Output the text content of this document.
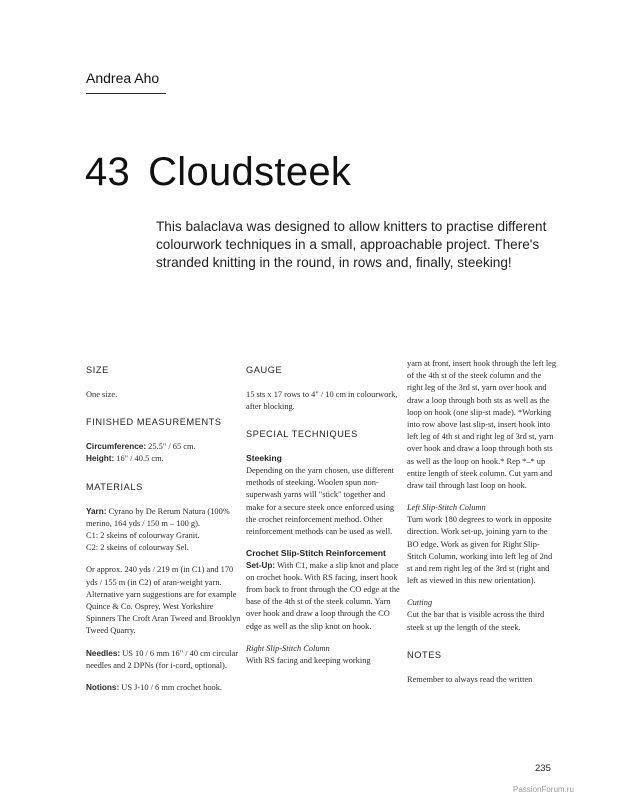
Andrea Aho
43 Cloudsteek

This balaclava was designed to allow knitters to practise different colourwork techniques in a small, approachable project. There's stranded knitting in the round, in rows and, finally, steeking!

SIZE

One size.

FINISHED MEASUREMENTS

Circumference: 25.5" / 65 cm.

Height: 16" / 40.5 cm.

MATERIALS

Yarn: Cyrano by De Rerum Natura (100% merino, 164 yds / 150 m – 100 g).

C1: 2 skeins of colourway Granit.

C2: 2 skeins of colourway Sel.

Or approx. 240 yds / 219 m (in C1) and 170 yds / 155 m (in C2) of aran-weight yarn. Alternative yarn suggestions are for example Quince & Co. Osprey, West Yorkshire Spinners The Croft Aran Tweed and Brooklyn Tweed Quarry.

Needles: US 10 / 6 mm 16" / 40 cm circular needles and 2 DPNs (for i-cord, optional).

Notions: US J-10 / 6 mm crochet hook.

GAUGE

15 sts x 17 rows to 4" / 10 cm in colourwork, after blocking.

SPECIAL TECHNIQUES

Steeking

Depending on the yarn chosen, use different methods of steeking. Woolen spun non-superwash yarns will "stick" together and make for a secure steek once enforced using the crochet reinforcement method. Other reinforcement methods can be used as well.

Crochet Slip-Stitch Reinforcement

Set-Up: With C1, make a slip knot and place on crochet hook. With RS facing, insert hook from back to front through the CO edge at the base of the 4th st of the steek column. Yarn over hook and draw a loop through the CO edge as well as the slip knot on hook.

Right Slip-Stitch Column

With RS facing and keeping working

yarn at front, insert hook through the left leg of the 4th st of the steek column and the right leg of the 3rd st, yarn over hook and draw a loop through both sts as well as the loop on hook (one slip-st made). *Working into row above last slip-st, insert hook into left leg of 4th st and right leg of 3rd st, yarn over hook and draw a loop through both sts as well as the loop on hook.* Rep *–* up entire length of steek column. Cut yarn and draw tail through last loop on hook.

Left Slip-Stitch Column

Turn work 180 degrees to work in opposite direction. Work set-up, joining yarn to the BO edge. Work as given for Right Slip-Stitch Column, working into left leg of 2nd st and rem right leg of the 3rd st (right and left as viewed in this new orientation).

Cutting

Cut the bar that is visible across the third steek st up the length of the steek.

NOTES

Remember to always read the written

235
PassionForum.ru
